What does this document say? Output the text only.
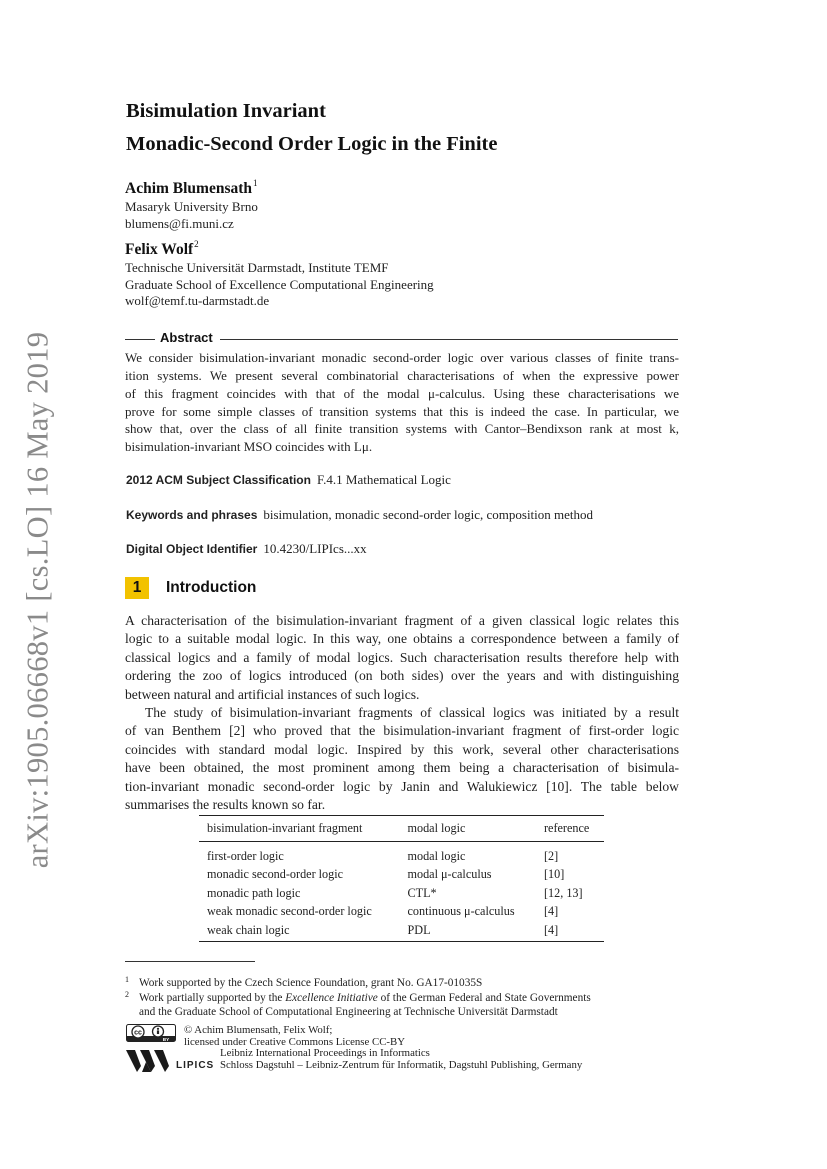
arXiv:1905.06668v1 [cs.LO] 16 May 2019
Bisimulation Invariant
Monadic-Second Order Logic in the Finite
Achim Blumensath$^1$
Masaryk University Brno
blumens@fi.muni.cz
Felix Wolf$^2$
Technische Universität Darmstadt, Institute TEMF
Graduate School of Excellence Computational Engineering
wolf@temf.tu-darmstadt.de
Abstract
We consider bisimulation-invariant monadic second-order logic over various classes of finite trans-
ition systems. We present several combinatorial characterisations of when the expressive power
of this fragment coincides with that of the modal μ-calculus. Using these characterisations we
prove for some simple classes of transition systems that this is indeed the case. In particular, we
show that, over the class of all finite transition systems with Cantor–Bendixson rank at most k,
bisimulation-invariant MSO coincides with Lμ.
2012 ACM Subject Classification F.4.1 Mathematical Logic
Keywords and phrases bisimulation, monadic second-order logic, composition method
Digital Object Identifier 10.4230/LIPIcs...xx
1	Introduction
A characterisation of the bisimulation-invariant fragment of a given classical logic relates this
logic to a suitable modal logic. In this way, one obtains a correspondence between a family of
classical logics and a family of modal logics. Such characterisation results therefore help with
ordering the zoo of logics introduced (on both sides) over the years and with distinguishing
between natural and artificial instances of such logics.
The study of bisimulation-invariant fragments of classical logics was initiated by a result
of van Benthem [2] who proved that the bisimulation-invariant fragment of first-order logic
coincides with standard modal logic. Inspired by this work, several other characterisations
have been obtained, the most prominent among them being a characterisation of bisimula-
tion-invariant monadic second-order logic by Janin and Walukiewicz [10]. The table below
summarises the results known so far.
bisimulation-invariant fragment	modal logic	reference
first-order logic	modal logic	[2]
monadic second-order logic	modal μ-calculus	[10]
monadic path logic	CTL*	[12, 13]
weak monadic second-order logic	continuous μ-calculus	[4]
weak chain logic	PDL	[4]
1 Work supported by the Czech Science Foundation, grant No. GA17-01035S
2 Work partially supported by the Excellence Initiative of the German Federal and State Governments
and the Graduate School of Computational Engineering at Technische Universität Darmstadt
cc
BY
© Achim Blumensath, Felix Wolf;
licensed under Creative Commons License CC-BY
LIPICS
Leibniz International Proceedings in Informatics
Schloss Dagstuhl – Leibniz-Zentrum für Informatik, Dagstuhl Publishing, Germany
